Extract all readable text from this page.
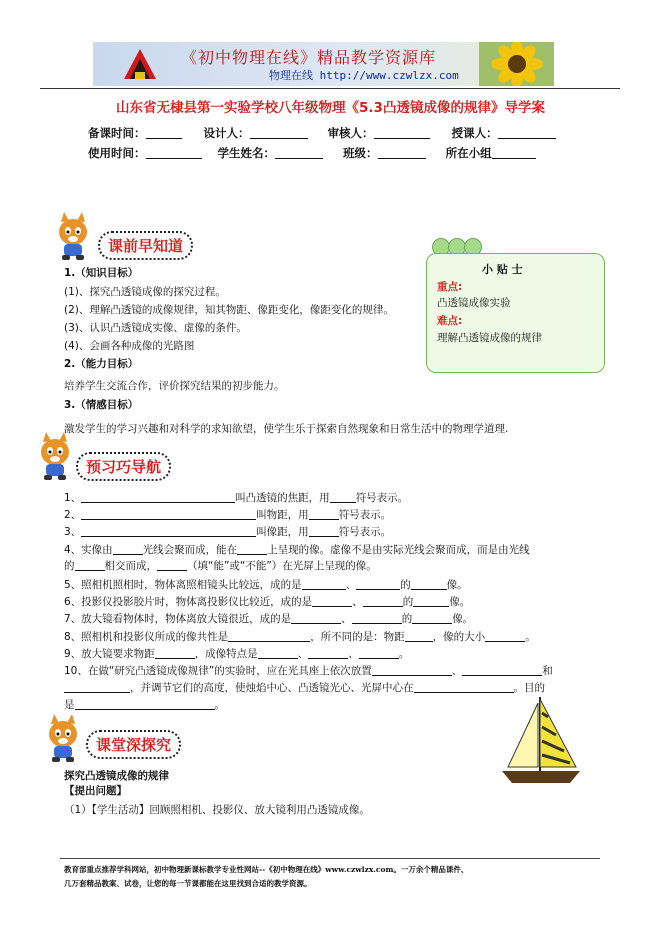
《初中物理在线》精品教学资源库
物理在线 http://www.czwlzx.com
山东省无棣县第一实验学校八年级物理《5.3凸透镜成像的规律》导学案
备课时间：	设计人：	审核人：	授课人：
使用时间：	学生姓名：	班级：	所在小组
课前早知道
小 贴 士
重点:
凸透镜成像实验
难点:
理解凸透镜成像的规律
1.（知识目标）
(1)、探究凸透镜成像的探究过程。
(2)、理解凸透镜的成像规律，知其物距、像距变化，像距变化的规律。
(3)、认识凸透镜成实像、虚像的条件。
(4)、会画各种成像的光路图
2.（能力目标）
培养学生交流合作，评价探究结果的初步能力。
3.（情感目标）
激发学生的学习兴趣和对科学的求知欲望，使学生乐于探索自然现象和日常生活中的物理学道理.
预习巧导航
1、	叫凸透镜的焦距，用 符号表示。
2、	叫物距，用	符号表示。
3、	叫像距，用	符号表示。
4、实像由	光线会聚而成，能在	上呈现的像。虚像不是由实际光线会聚而成，而是由光线
的	相交而成，	（填“能”或“不能”）在光屏上呈现的像。
5、照相机照相时，物体离照相镜头比较远，成的是	、	的	像。
6、投影仪投影胶片时，物体离投影仪比较近，成的是	、	的	像。
7、放大镜看物体时，物体离放大镜很近，成的是	、	的	像。
8、照相机和投影仪所成的像共性是	，所不同的是：物距	，像的大小	。
9、放大镜要求物距	，成像特点是	、	、	。
10、在做“研究凸透镜成像规律”的实验时，应在光具座上依次放置	、	和
，并调节它们的高度，使烛焰中心、凸透镜光心、光屏中心在	。目的
是	。
课堂深探究
探究凸透镜成像的规律
【提出问题】
（1）【学生活动】回顾照相机、投影仪、放大镜利用凸透镜成像。
教育部重点推荐学科网站，初中物理新课标教学专业性网站--《初中物理在线》www.czwlzx.com。一万余个精品课件、
几万套精品教案、试卷，让您的每一节课都能在这里找到合适的教学资源。
